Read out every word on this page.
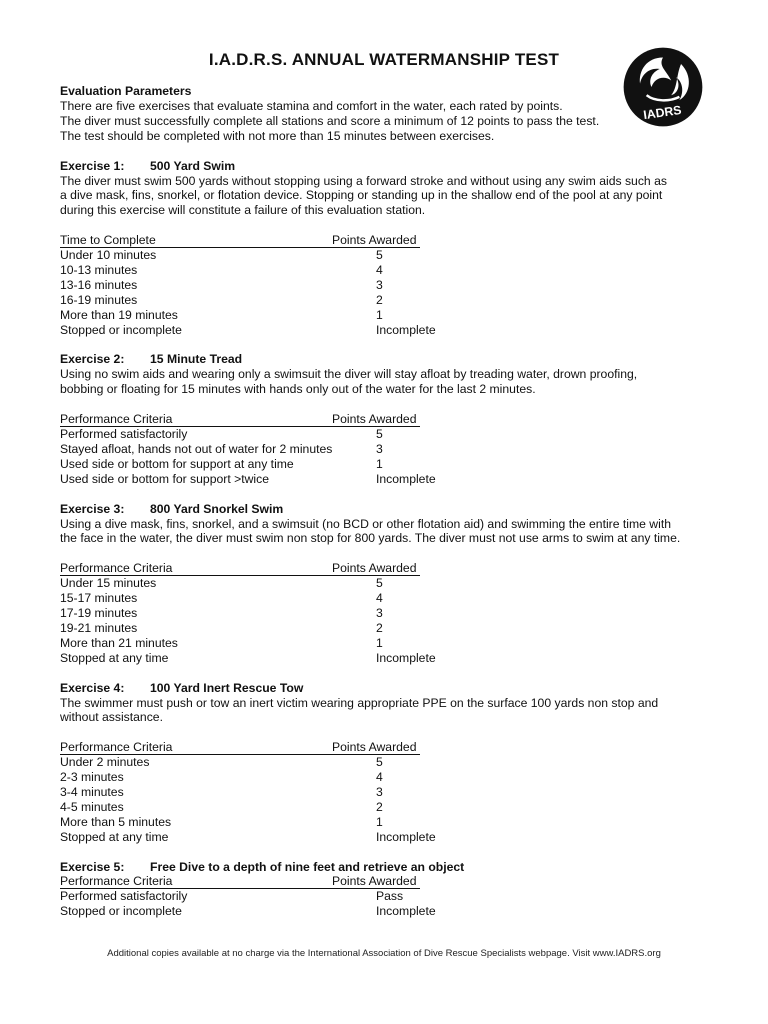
I.A.D.R.S. ANNUAL WATERMANSHIP TEST
IADRS

Evaluation Parameters

There are five exercises that evaluate stamina and comfort in the water, each rated by points.

The diver must successfully complete all stations and score a minimum of 12 points to pass the test.

The test should be completed with not more than 15 minutes between exercises.

Exercise 1: 500 Yard Swim

The diver must swim 500 yards without stopping using a forward stroke and without using any swim aids such as

a dive mask, fins, snorkel, or flotation device. Stopping or standing up in the shallow end of the pool at any point

during this exercise will constitute a failure of this evaluation station.

Time to Complete	Points Awarded
Under 10 minutes	5
10-13 minutes	4
13-16 minutes	3
16-19 minutes	2
More than 19 minutes	1
Stopped or incomplete	Incomplete

Exercise 2: 15 Minute Tread

Using no swim aids and wearing only a swimsuit the diver will stay afloat by treading water, drown proofing,

bobbing or floating for 15 minutes with hands only out of the water for the last 2 minutes.

Performance Criteria	Points Awarded
Performed satisfactorily	5
Stayed afloat, hands not out of water for 2 minutes	3
Used side or bottom for support at any time	1
Used side or bottom for support >twice	Incomplete

Exercise 3: 800 Yard Snorkel Swim

Using a dive mask, fins, snorkel, and a swimsuit (no BCD or other flotation aid) and swimming the entire time with

the face in the water, the diver must swim non stop for 800 yards. The diver must not use arms to swim at any time.

Performance Criteria	Points Awarded
Under 15 minutes	5
15-17 minutes	4
17-19 minutes	3
19-21 minutes	2
More than 21 minutes	1
Stopped at any time	Incomplete

Exercise 4: 100 Yard Inert Rescue Tow

The swimmer must push or tow an inert victim wearing appropriate PPE on the surface 100 yards non stop and

without assistance.

Performance Criteria	Points Awarded
Under 2 minutes	5
2-3 minutes	4
3-4 minutes	3
4-5 minutes	2
More than 5 minutes	1
Stopped at any time	Incomplete

Exercise 5: Free Dive to a depth of nine feet and retrieve an object

Performance Criteria	Points Awarded
Performed satisfactorily	Pass
Stopped or incomplete	Incomplete
Additional copies available at no charge via the International Association of Dive Rescue Specialists webpage. Visit www.IADRS.org
